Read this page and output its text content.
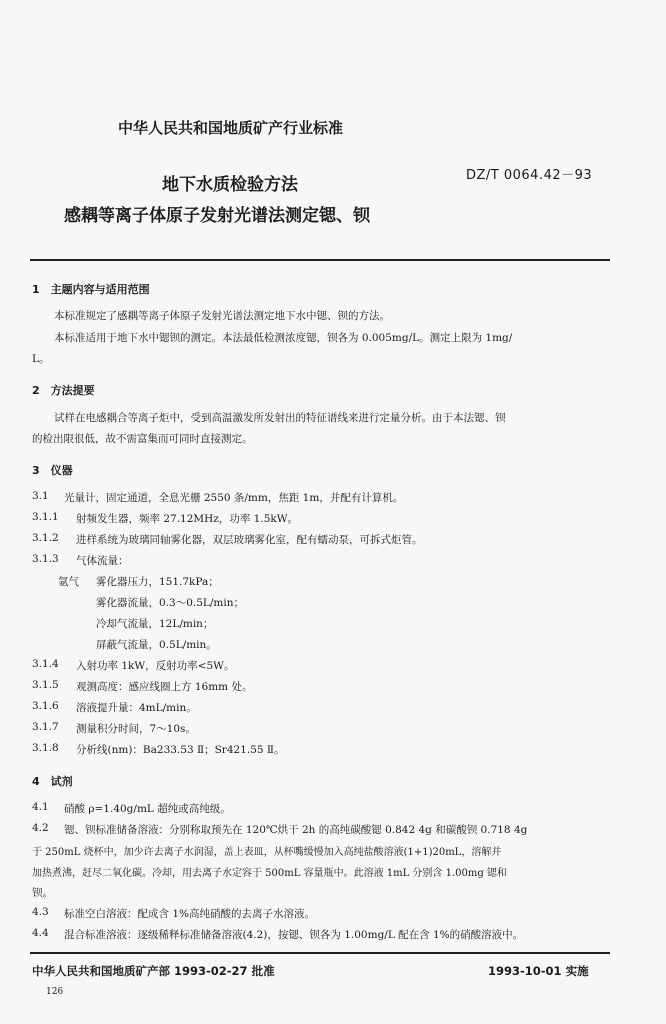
中华人民共和国地质矿产行业标准
地下水质检验方法	DZ/T 0064.42－93
感耦等离子体原子发射光谱法测定锶、钡
1　主题内容与适用范围
本标准规定了感耦等离子体原子发射光谱法测定地下水中锶、钡的方法。
本标准适用于地下水中锶钡的测定。本法最低检测浓度锶，钡各为 0.005mg/L。测定上限为 1mg/
L。
2　方法提要
试样在电感耦合等离子炬中，受到高温激发所发射出的特征谱线来进行定量分析。由于本法锶、钡
的检出限很低，故不需富集而可同时直接测定。
3　仪器
3.1 光量计，固定通道，全息光栅 2550 条/mm，焦距 1m，并配有计算机。
3.1.1 射频发生器，频率 27.12MHz，功率 1.5kW。
3.1.2 进样系统为玻璃同轴雾化器，双层玻璃雾化室，配有蠕动泵，可拆式炬管。
3.1.3 气体流量：
氩气 雾化器压力，151.7kPa；
雾化器流量，0.3～0.5L/min；
冷却气流量，12L/min；
屏蔽气流量，0.5L/min。
3.1.4 入射功率 1kW，反射功率<5W。
3.1.5 观测高度：感应线圈上方 16mm 处。
3.1.6 溶液提升量：4mL/min。
3.1.7 测量积分时间，7～10s。
3.1.8 分析线(nm)：Ba233.53 Ⅱ；Sr421.55 Ⅱ。
4　试剂
4.1 硝酸 ρ=1.40g/mL 超纯或高纯级。
4.2 锶、钡标准储备溶液：分别称取预先在 120℃烘干 2h 的高纯碳酸锶 0.842 4g 和碳酸钡 0.718 4g
于 250mL 烧杯中，加少许去离子水润湿，盖上表皿，从杯嘴缓慢加入高纯盐酸溶液(1+1)20mL，溶解并
加热煮沸，赶尽二氧化碳。冷却，用去离子水定容于 500mL 容量瓶中。此溶液 1mL 分别含 1.00mg 锶和
钡。
4.3 标准空白溶液：配成含 1%高纯硝酸的去离子水溶液。
4.4 混合标准溶液：逐级稀释标准储备溶液(4.2)，按锶、钡各为 1.00mg/L 配在含 1%的硝酸溶液中。
中华人民共和国地质矿产部 1993-02-27 批准	1993-10-01 实施
126
